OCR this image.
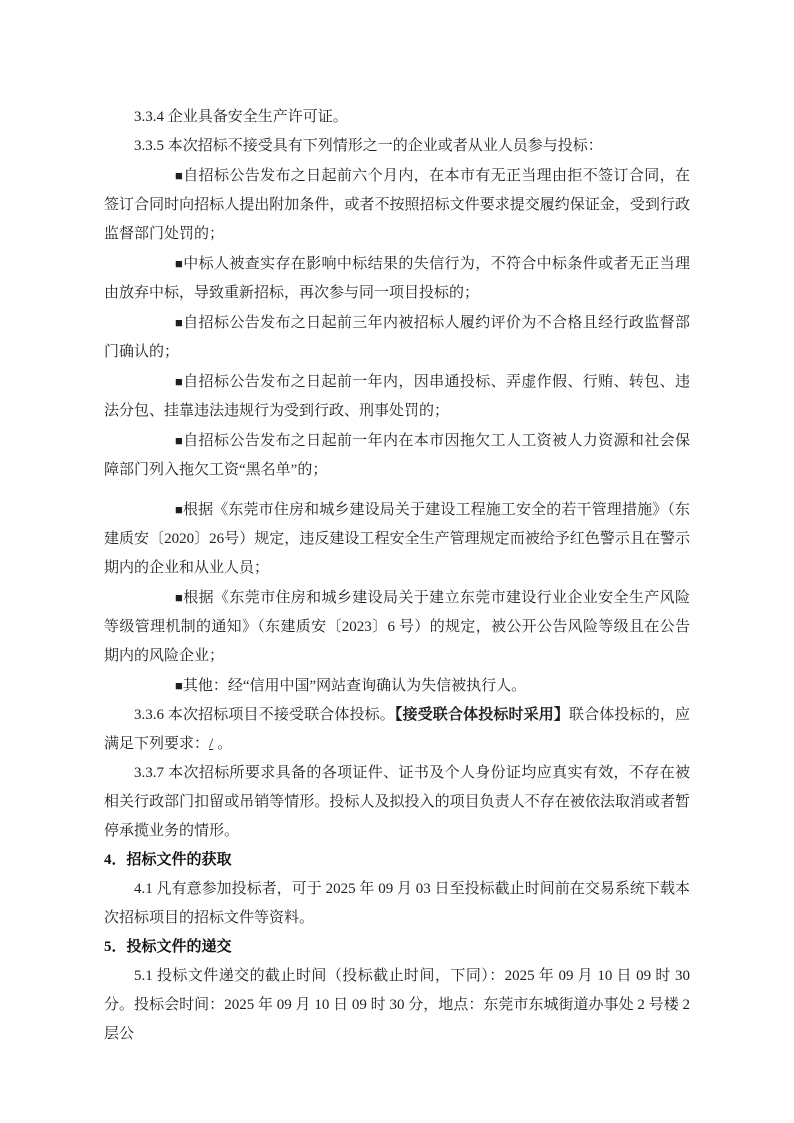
3.3.4 企业具备安全生产许可证。

3.3.5 本次招标不接受具有下列情形之一的企业或者从业人员参与投标：

■自招标公告发布之日起前六个月内，在本市有无正当理由拒不签订合同，在签订合同时向招标人提出附加条件，或者不按照招标文件要求提交履约保证金，受到行政监督部门处罚的；

■中标人被查实存在影响中标结果的失信行为，不符合中标条件或者无正当理由放弃中标，导致重新招标，再次参与同一项目投标的；

■自招标公告发布之日起前三年内被招标人履约评价为不合格且经行政监督部门确认的；

■自招标公告发布之日起前一年内，因串通投标、弄虚作假、行贿、转包、违法分包、挂靠违法违规行为受到行政、刑事处罚的；

■自招标公告发布之日起前一年内在本市因拖欠工人工资被人力资源和社会保障部门列入拖欠工资“黑名单”的；

■根据《东莞市住房和城乡建设局关于建设工程施工安全的若干管理措施》（东建质安〔2020〕26号）规定，违反建设工程安全生产管理规定而被给予红色警示且在警示期内的企业和从业人员；

■根据《东莞市住房和城乡建设局关于建立东莞市建设行业企业安全生产风险等级管理机制的通知》（东建质安〔2023〕6 号）的规定，被公开公告风险等级且在公告期内的风险企业；

■其他：经“信用中国”网站查询确认为失信被执行人。

3.3.6 本次招标项目不接受联合体投标。【接受联合体投标时采用】联合体投标的，应满足下列要求：/ 。

3.3.7 本次招标所要求具备的各项证件、证书及个人身份证均应真实有效，不存在被相关行政部门扣留或吊销等情形。投标人及拟投入的项目负责人不存在被依法取消或者暂停承揽业务的情形。

4．招标文件的获取

4.1 凡有意参加投标者，可于 2025 年 09 月 03 日至投标截止时间前在交易系统下载本次招标项目的招标文件等资料。

5．投标文件的递交

5.1 投标文件递交的截止时间（投标截止时间，下同）：2025 年 09 月 10 日 09 时 30 分。投标会时间：2025 年 09 月 10 日 09 时 30 分，地点：东莞市东城街道办事处 2 号楼 2 层公
